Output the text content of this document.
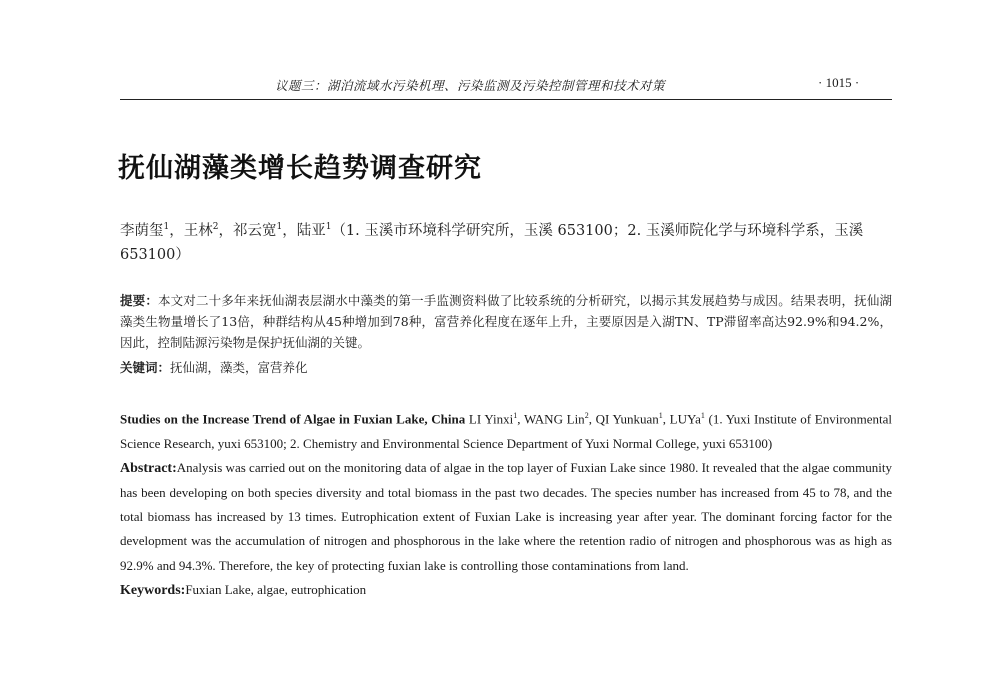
议题三：湖泊流域水污染机理、污染监测及污染控制管理和技术对策	· 1015 ·
抚仙湖藻类增长趋势调查研究
李荫玺$^1$，王林$^2$，祁云宽$^1$，陆亚$^1$（1. 玉溪市环境科学研究所，玉溪 653100；2. 玉溪师院化学与环境科学系，玉溪 653100）
提要：本文对二十多年来抚仙湖表层湖水中藻类的第一手监测资料做了比较系统的分析研究，以揭示其发展趋势与成因。结果表明，抚仙湖藻类生物量增长了13倍，种群结构从45种增加到78种，富营养化程度在逐年上升，主要原因是入湖TN、TP滞留率高达92.9%和94.2%，因此，控制陆源污染物是保护抚仙湖的关键。
关键词：抚仙湖，藻类，富营养化
Studies on the Increase Trend of Algae in Fuxian Lake, China LI Yinxi$^1$, WANG Lin$^2$, QI Yunkuan$^1$, LUYa$^1$ (1. Yuxi Institute of Environmental Science Research, yuxi 653100; 2. Chemistry and Environmental Science Department of Yuxi Normal College, yuxi 653100)
Abstract:Analysis was carried out on the monitoring data of algae in the top layer of Fuxian Lake since 1980. It revealed that the algae community has been developing on both species diversity and total biomass in the past two decades. The species number has increased from 45 to 78, and the total biomass has increased by 13 times. Eutrophication extent of Fuxian Lake is increasing year after year. The dominant forcing factor for the development was the accumulation of nitrogen and phosphorous in the lake where the retention radio of nitrogen and phosphorous was as high as 92.9% and 94.3%. Therefore, the key of protecting fuxian lake is controlling those contaminations from land.
Keywords:Fuxian Lake, algae, eutrophication
